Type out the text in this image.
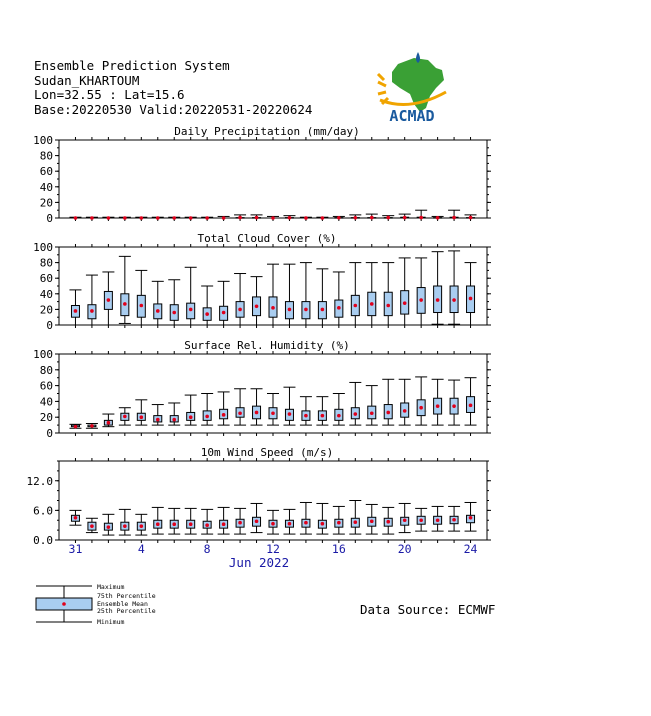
Ensemble Prediction System
Sudan_KHARTOUM
Lon=32.55 : Lat=15.6
Base:20220530 Valid:20220531-20220624	ACMAD
Daily Precipitation (mm/day)
0
20
40
60
80
100
Total Cloud Cover (%)
0
20
40
60
80
100
Surface Rel. Humidity (%)
0
20
40
60
80
100
10m Wind Speed (m/s)
0.0
6.0
12.0
31	4	8	12	16	20	24
Jun 2022
Maximum
75th Percentile
Ensemble Mean
25th Percentile
Minimum
Data Source: ECMWF
